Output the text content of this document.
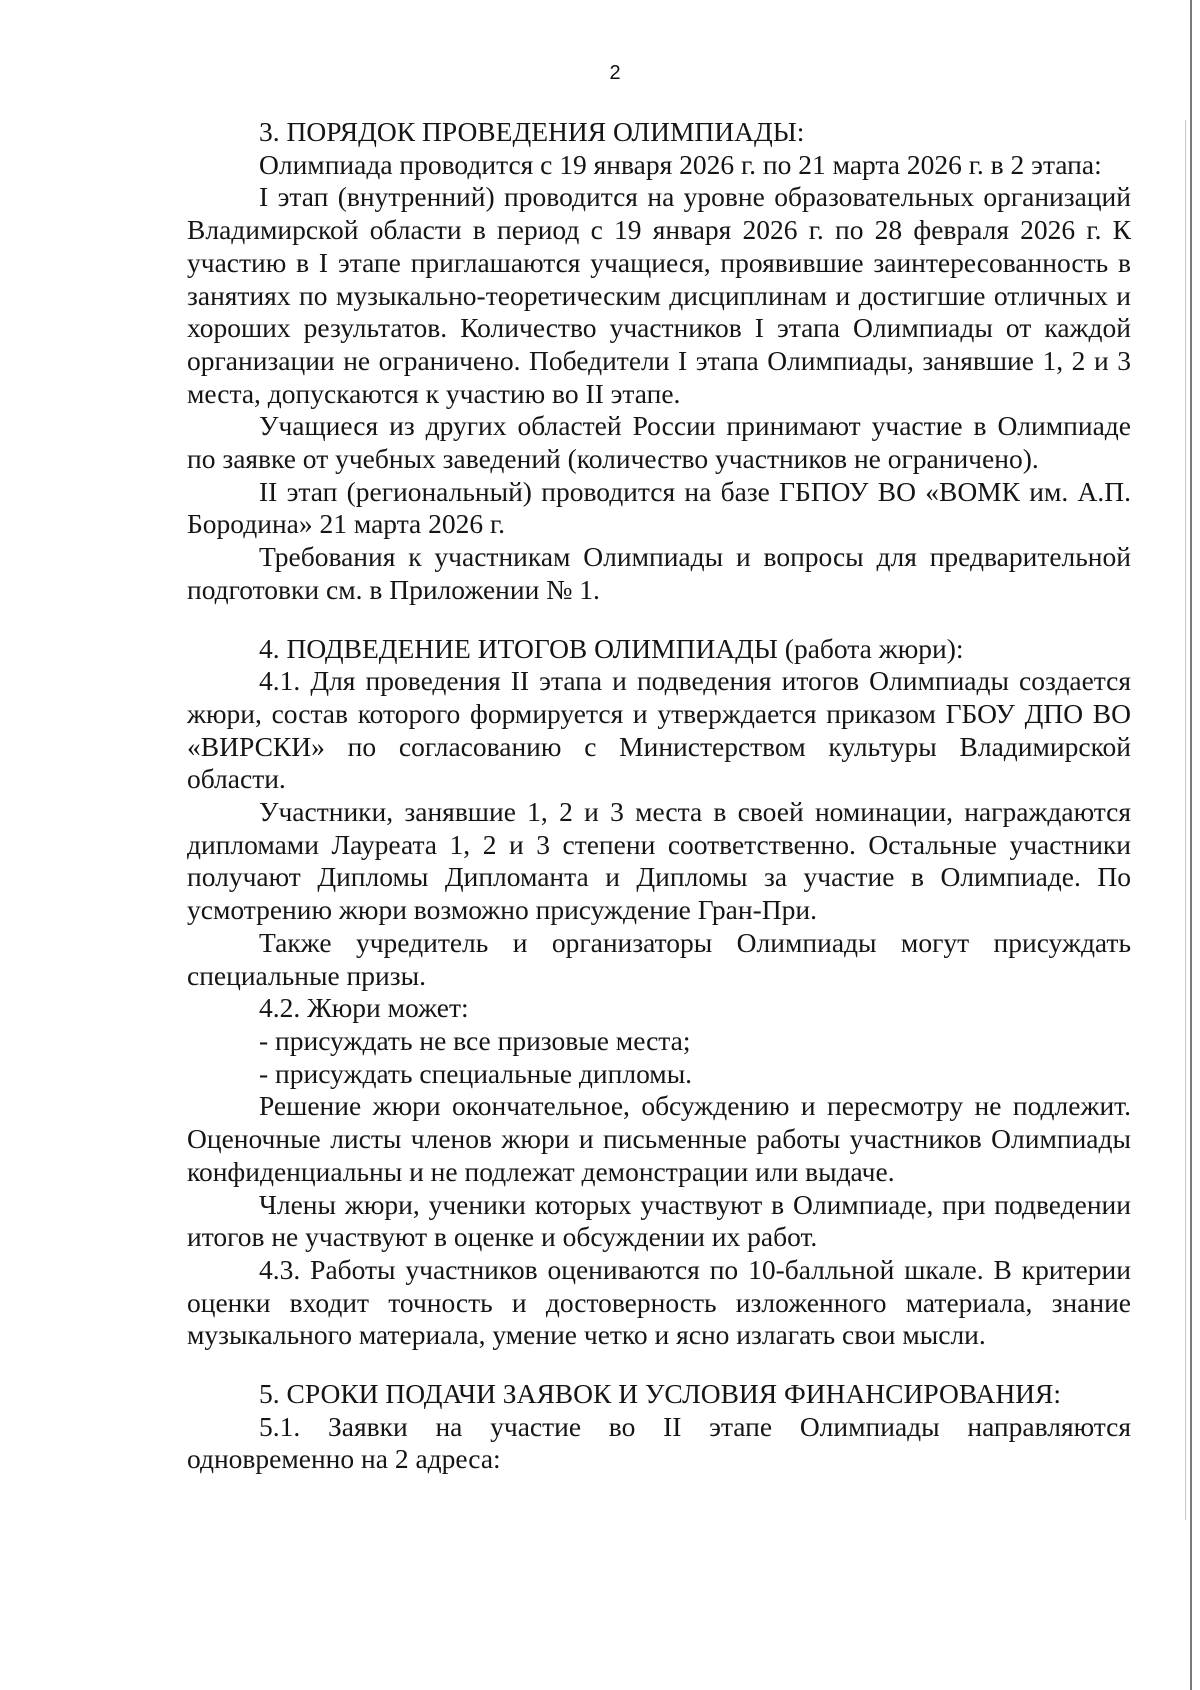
2
3. ПОРЯДОК ПРОВЕДЕНИЯ ОЛИМПИАДЫ:

Олимпиада проводится с 19 января 2026 г. по 21 марта 2026 г. в 2 этапа:

I этап (внутренний) проводится на уровне образовательных организаций Владимирской области в период с 19 января 2026 г. по 28 февраля 2026 г. К участию в I этапе приглашаются учащиеся, проявившие заинтересованность в занятиях по музыкально-теоретическим дисциплинам и достигшие отличных и хороших результатов. Количество участников I этапа Олимпиады от каждой организации не ограничено. Победители I этапа Олимпиады, занявшие 1, 2 и 3 места, допускаются к участию во II этапе.

Учащиеся из других областей России принимают участие в Олимпиаде по заявке от учебных заведений (количество участников не ограничено).

II этап (региональный) проводится на базе ГБПОУ ВО «ВОМК им. А.П. Бородина» 21 марта 2026 г.

Требования к участникам Олимпиады и вопросы для предварительной подготовки см. в Приложении № 1.

4. ПОДВЕДЕНИЕ ИТОГОВ ОЛИМПИАДЫ (работа жюри):

4.1. Для проведения II этапа и подведения итогов Олимпиады создается жюри, состав которого формируется и утверждается приказом ГБОУ ДПО ВО «ВИРСКИ» по согласованию с Министерством культуры Владимирской области.

Участники, занявшие 1, 2 и 3 места в своей номинации, награждаются дипломами Лауреата 1, 2 и 3 степени соответственно. Остальные участники получают Дипломы Дипломанта и Дипломы за участие в Олимпиаде. По усмотрению жюри возможно присуждение Гран-При.

Также учредитель и организаторы Олимпиады могут присуждать специальные призы.

4.2. Жюри может:

- присуждать не все призовые места;

- присуждать специальные дипломы.

Решение жюри окончательное, обсуждению и пересмотру не подлежит. Оценочные листы членов жюри и письменные работы участников Олимпиады конфиденциальны и не подлежат демонстрации или выдаче.

Члены жюри, ученики которых участвуют в Олимпиаде, при подведении итогов не участвуют в оценке и обсуждении их работ.

4.3. Работы участников оцениваются по 10-балльной шкале. В критерии оценки входит точность и достоверность изложенного материала, знание музыкального материала, умение четко и ясно излагать свои мысли.

5. СРОКИ ПОДАЧИ ЗАЯВОК И УСЛОВИЯ ФИНАНСИРОВАНИЯ:

5.1. Заявки на участие во II этапе Олимпиады направляются одновременно на 2 адреса:
